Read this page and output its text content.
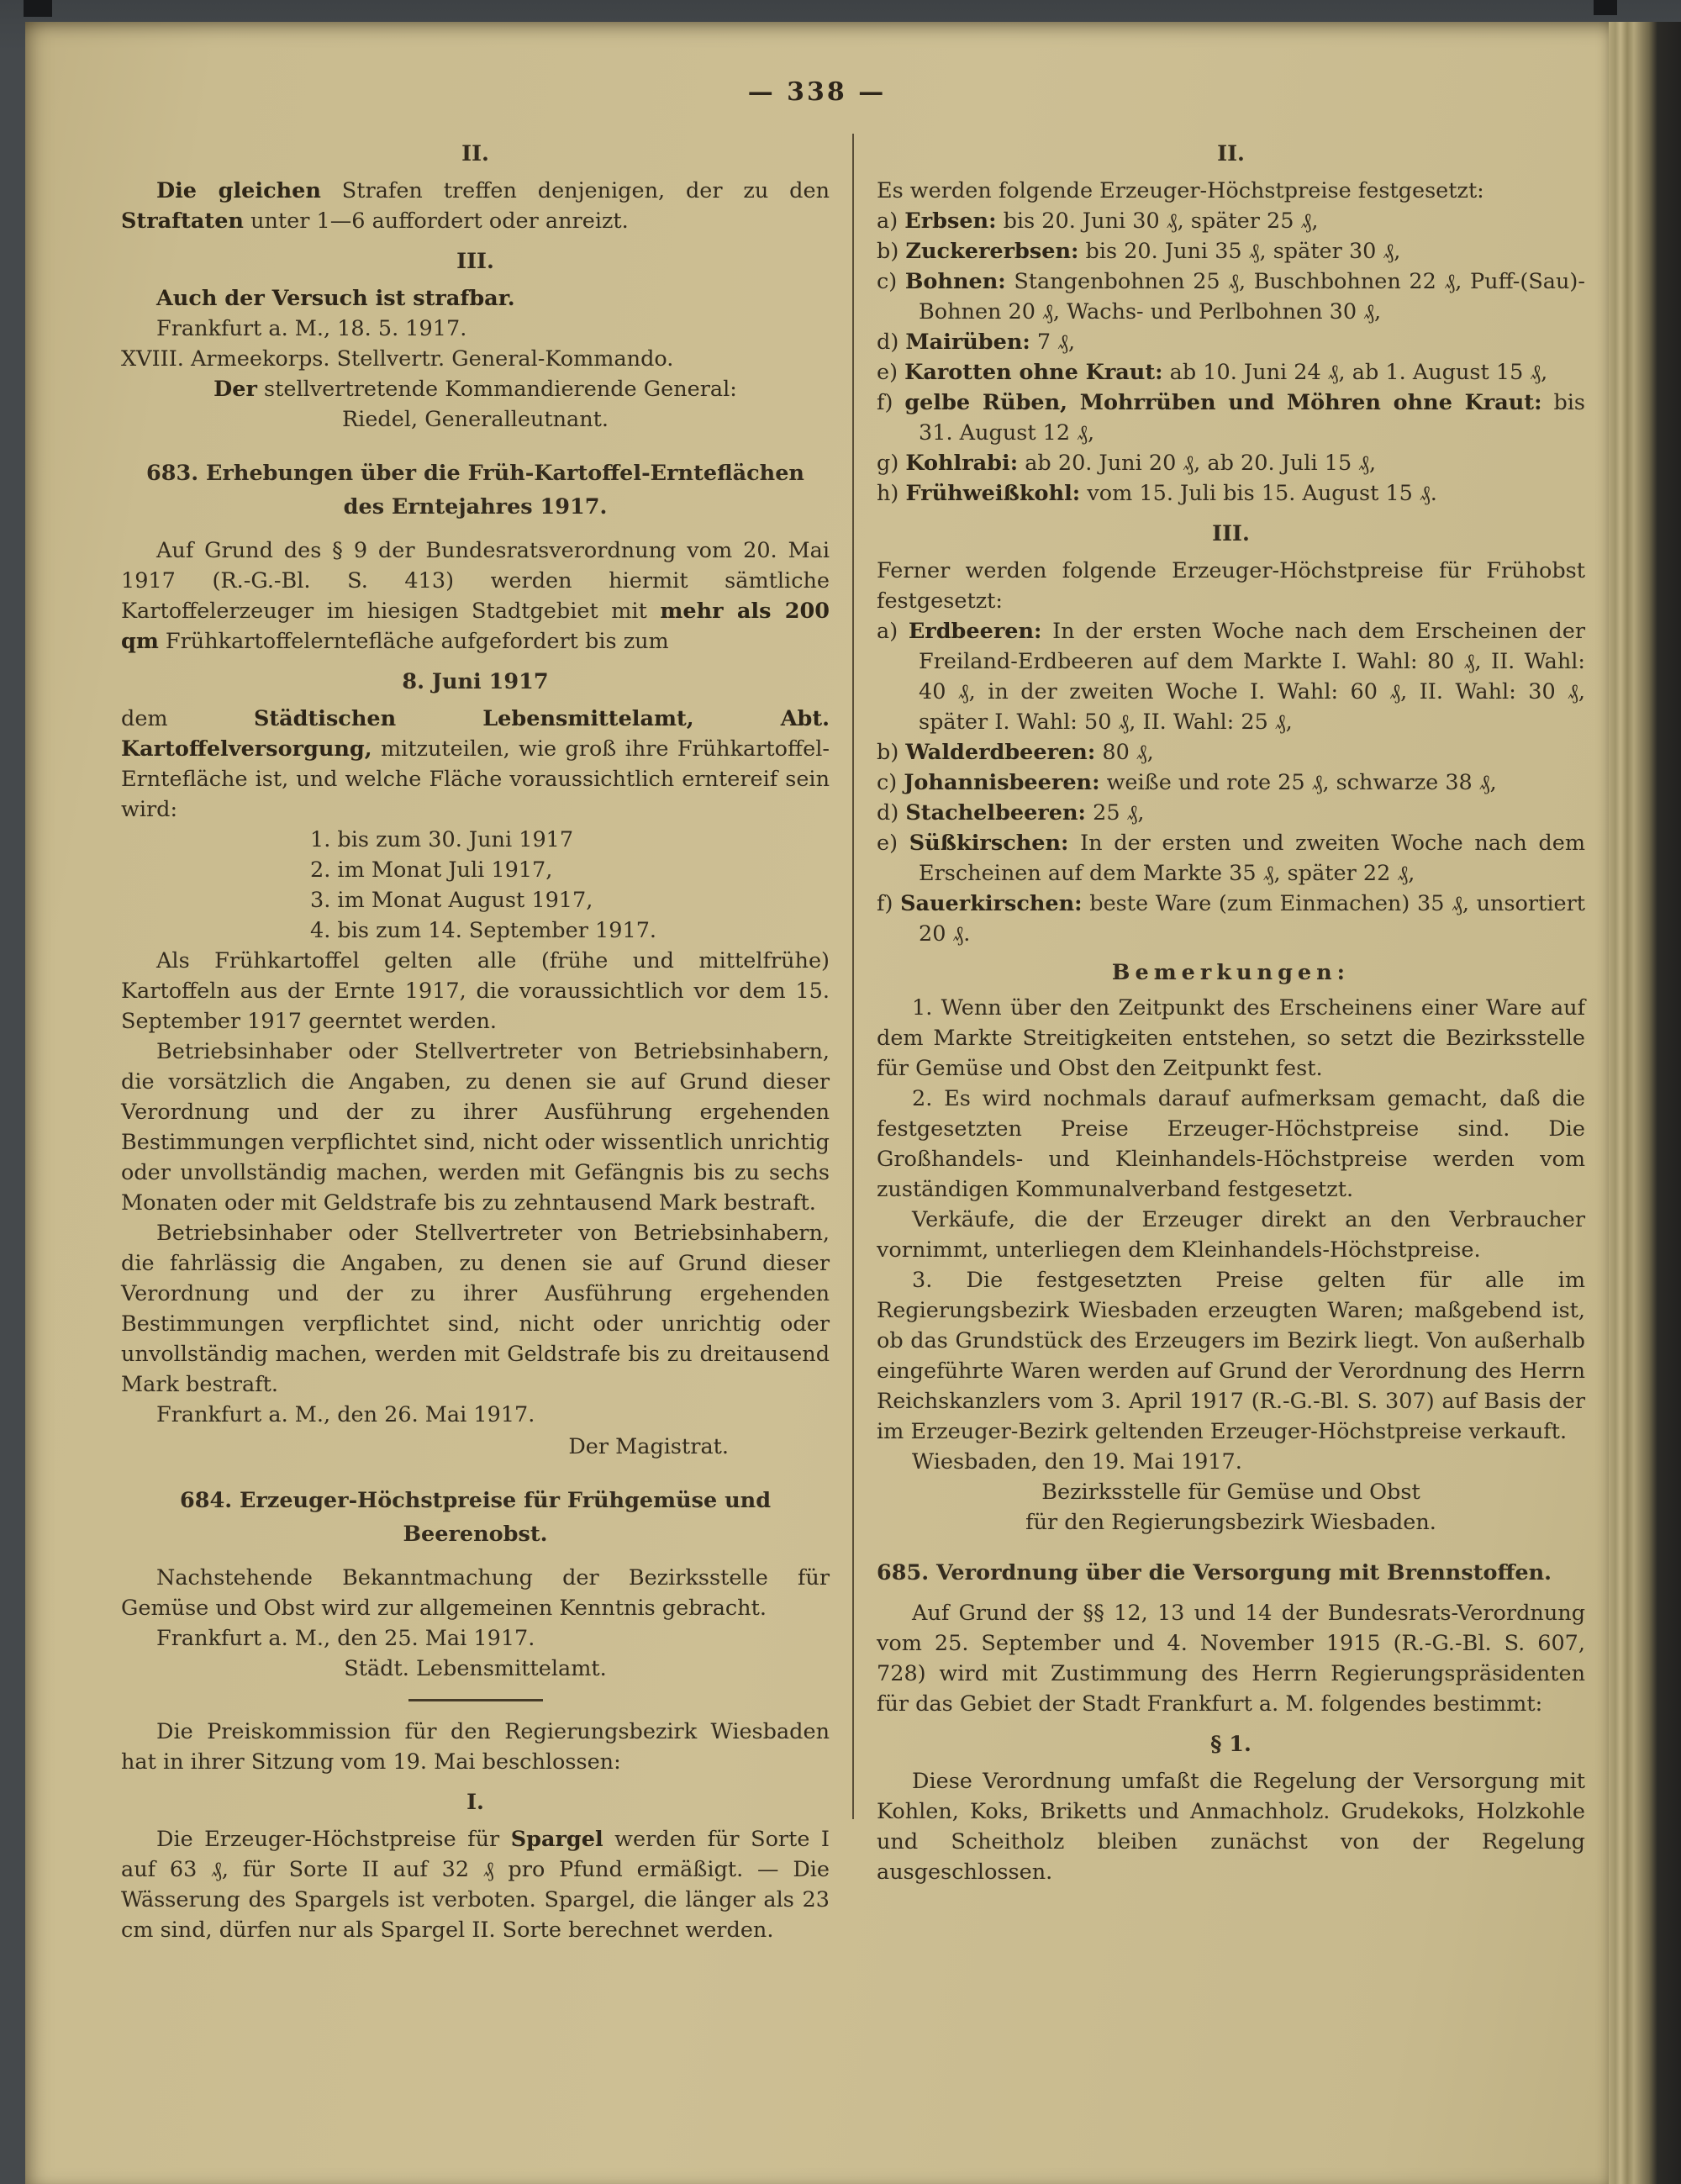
— 338 —
II.
Die gleichen Strafen treffen denjenigen, der zu den Straftaten unter 1—6 auffordert oder anreizt.
III.
Auch der Versuch ist strafbar.
Frankfurt a. M., 18. 5. 1917.
XVIII. Armeekorps. Stellvertr. General-Kommando.
Der stellvertretende Kommandierende General:
Riedel, Generalleutnant.
683. Erhebungen über die Früh-Kartoffel-Ernteflächen des Erntejahres 1917.
Auf Grund des § 9 der Bundesratsverordnung vom 20. Mai 1917 (R.-G.-Bl. S. 413) werden hiermit sämtliche Kartoffelerzeuger im hiesigen Stadtgebiet mit mehr als 200 qm Frühkartoffelerntefläche aufgefordert bis zum
8. Juni 1917
dem Städtischen Lebensmittelamt, Abt. Kartoffelversorgung, mitzuteilen, wie groß ihre Frühkartoffel-Erntefläche ist, und welche Fläche voraussichtlich erntereif sein wird:
1. bis zum 30. Juni 1917
2. im Monat Juli 1917,
3. im Monat August 1917,
4. bis zum 14. September 1917.
Als Frühkartoffel gelten alle (frühe und mittelfrühe) Kartoffeln aus der Ernte 1917, die voraussichtlich vor dem 15. September 1917 geerntet werden.
Betriebsinhaber oder Stellvertreter von Betriebsinhabern, die vorsätzlich die Angaben, zu denen sie auf Grund dieser Verordnung und der zu ihrer Ausführung ergehenden Bestimmungen verpflichtet sind, nicht oder wissentlich unrichtig oder unvollständig machen, werden mit Gefängnis bis zu sechs Monaten oder mit Geldstrafe bis zu zehntausend Mark bestraft.
Betriebsinhaber oder Stellvertreter von Betriebsinhabern, die fahrlässig die Angaben, zu denen sie auf Grund dieser Verordnung und der zu ihrer Ausführung ergehenden Bestimmungen verpflichtet sind, nicht oder unrichtig oder unvollständig machen, werden mit Geldstrafe bis zu dreitausend Mark bestraft.
Frankfurt a. M., den 26. Mai 1917.
Der Magistrat.
684. Erzeuger-Höchstpreise für Frühgemüse und Beerenobst.
Nachstehende Bekanntmachung der Bezirksstelle für Gemüse und Obst wird zur allgemeinen Kenntnis gebracht.
Frankfurt a. M., den 25. Mai 1917.
Städt. Lebensmittelamt.
Die Preiskommission für den Regierungsbezirk Wiesbaden hat in ihrer Sitzung vom 19. Mai beschlossen:
I.
Die Erzeuger-Höchstpreise für Spargel werden für Sorte I auf 63 ₰, für Sorte II auf 32 ₰ pro Pfund ermäßigt. — Die Wässerung des Spargels ist verboten. Spargel, die länger als 23 cm sind, dürfen nur als Spargel II. Sorte berechnet werden.
II.
Es werden folgende Erzeuger-Höchstpreise festgesetzt:
a) Erbsen: bis 20. Juni 30 ₰, später 25 ₰,
b) Zuckererbsen: bis 20. Juni 35 ₰, später 30 ₰,
c) Bohnen: Stangenbohnen 25 ₰, Buschbohnen 22 ₰, Puff-(Sau)-Bohnen 20 ₰, Wachs- und Perlbohnen 30 ₰,
d) Mairüben: 7 ₰,
e) Karotten ohne Kraut: ab 10. Juni 24 ₰, ab 1. August 15 ₰,
f) gelbe Rüben, Mohrrüben und Möhren ohne Kraut: bis 31. August 12 ₰,
g) Kohlrabi: ab 20. Juni 20 ₰, ab 20. Juli 15 ₰,
h) Frühweißkohl: vom 15. Juli bis 15. August 15 ₰.
III.
Ferner werden folgende Erzeuger-Höchstpreise für Frühobst festgesetzt:
a) Erdbeeren: In der ersten Woche nach dem Erscheinen der Freiland-Erdbeeren auf dem Markte I. Wahl: 80 ₰, II. Wahl: 40 ₰, in der zweiten Woche I. Wahl: 60 ₰, II. Wahl: 30 ₰, später I. Wahl: 50 ₰, II. Wahl: 25 ₰,
b) Walderdbeeren: 80 ₰,
c) Johannisbeeren: weiße und rote 25 ₰, schwarze 38 ₰,
d) Stachelbeeren: 25 ₰,
e) Süßkirschen: In der ersten und zweiten Woche nach dem Erscheinen auf dem Markte 35 ₰, später 22 ₰,
f) Sauerkirschen: beste Ware (zum Einmachen) 35 ₰, unsortiert 20 ₰.
Bemerkungen:
1. Wenn über den Zeitpunkt des Erscheinens einer Ware auf dem Markte Streitigkeiten entstehen, so setzt die Bezirksstelle für Gemüse und Obst den Zeitpunkt fest.
2. Es wird nochmals darauf aufmerksam gemacht, daß die festgesetzten Preise Erzeuger-Höchstpreise sind. Die Großhandels- und Kleinhandels-Höchstpreise werden vom zuständigen Kommunalverband festgesetzt.
Verkäufe, die der Erzeuger direkt an den Verbraucher vornimmt, unterliegen dem Kleinhandels-Höchstpreise.
3. Die festgesetzten Preise gelten für alle im Regierungsbezirk Wiesbaden erzeugten Waren; maßgebend ist, ob das Grundstück des Erzeugers im Bezirk liegt. Von außerhalb eingeführte Waren werden auf Grund der Verordnung des Herrn Reichskanzlers vom 3. April 1917 (R.-G.-Bl. S. 307) auf Basis der im Erzeuger-Bezirk geltenden Erzeuger-Höchstpreise verkauft.
Wiesbaden, den 19. Mai 1917.
Bezirksstelle für Gemüse und Obst
für den Regierungsbezirk Wiesbaden.
685. Verordnung über die Versorgung mit Brennstoffen.
Auf Grund der §§ 12, 13 und 14 der Bundesrats-Verordnung vom 25. September und 4. November 1915 (R.-G.-Bl. S. 607, 728) wird mit Zustimmung des Herrn Regierungspräsidenten für das Gebiet der Stadt Frankfurt a. M. folgendes bestimmt:
§ 1.
Diese Verordnung umfaßt die Regelung der Versorgung mit Kohlen, Koks, Briketts und Anmachholz. Grudekoks, Holzkohle und Scheitholz bleiben zunächst von der Regelung ausgeschlossen.
